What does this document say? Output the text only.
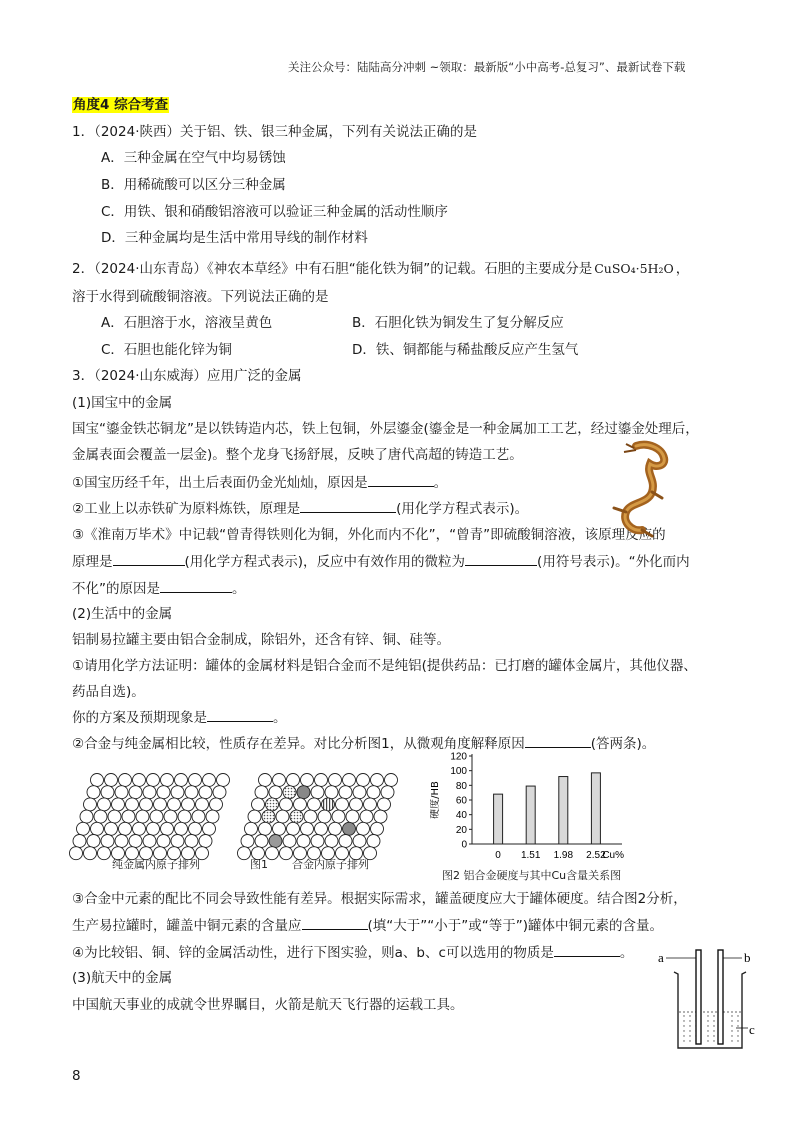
关注公众号：陆陆高分冲刺 ~领取：最新版“小中高考-总复习”、最新试卷下载
角度4 综合考查
1．（2024·陕西）关于铝、铁、银三种金属，下列有关说法正确的是
A．三种金属在空气中均易锈蚀
B．用稀硫酸可以区分三种金属
C．用铁、银和硝酸铝溶液可以验证三种金属的活动性顺序
D．三种金属均是生活中常用导线的制作材料
2．（2024·山东青岛）《神农本草经》中有石胆“能化铁为铜”的记载。石胆的主要成分是 CuSO₄·5H₂O ，
溶于水得到硫酸铜溶液。下列说法正确的是
A．石胆溶于水，溶液呈黄色	B．石胆化铁为铜发生了复分解反应
C．石胆也能化锌为铜	D．铁、铜都能与稀盐酸反应产生氢气
3．（2024·山东威海）应用广泛的金属
(1)国宝中的金属
国宝“鎏金铁芯铜龙”是以铁铸造内芯，铁上包铜，外层鎏金(鎏金是一种金属加工工艺，经过鎏金处理后，
金属表面会覆盖一层金)。整个龙身飞扬舒展，反映了唐代高超的铸造工艺。
①国宝历经千年，出土后表面仍金光灿灿，原因是	。
②工业上以赤铁矿为原料炼铁，原理是	(用化学方程式表示)。
③《淮南万毕术》中记载“曾青得铁则化为铜，外化而内不化”，“曾青”即硫酸铜溶液，该原理反应的
原理是	(用化学方程式表示)，反应中有效作用的微粒为	(用符号表示)。“外化而内
不化”的原因是	。
(2)生活中的金属
铝制易拉罐主要由铝合金制成，除铝外，还含有锌、铜、硅等。
①请用化学方法证明：罐体的金属材料是铝合金而不是纯铝(提供药品：已打磨的罐体金属片，其他仪器、
药品自选)。
你的方案及预期现象是	。
②合金与纯金属相比较，性质存在差异。对比分析图1，从微观角度解释原因	(答两条)。
纯金属内原子排列	图1 合金内原子排列
0
20
40
60
80
100
120
硬度/HB
0 1.51 1.98 2.52
Cu%
图2 铝合金硬度与其中Cu含量关系图
③合金中元素的配比不同会导致性能有差异。根据实际需求，罐盖硬度应大于罐体硬度。结合图2分析，
生产易拉罐时，罐盖中铜元素的含量应	(填“大于”“小于”或“等于”)罐体中铜元素的含量。
④为比较铝、铜、锌的金属活动性，进行下图实验，则a、b、c可以选用的物质是	。
(3)航天中的金属
中国航天事业的成就令世界瞩目，火箭是航天飞行器的运载工具。
a	b
c
8
